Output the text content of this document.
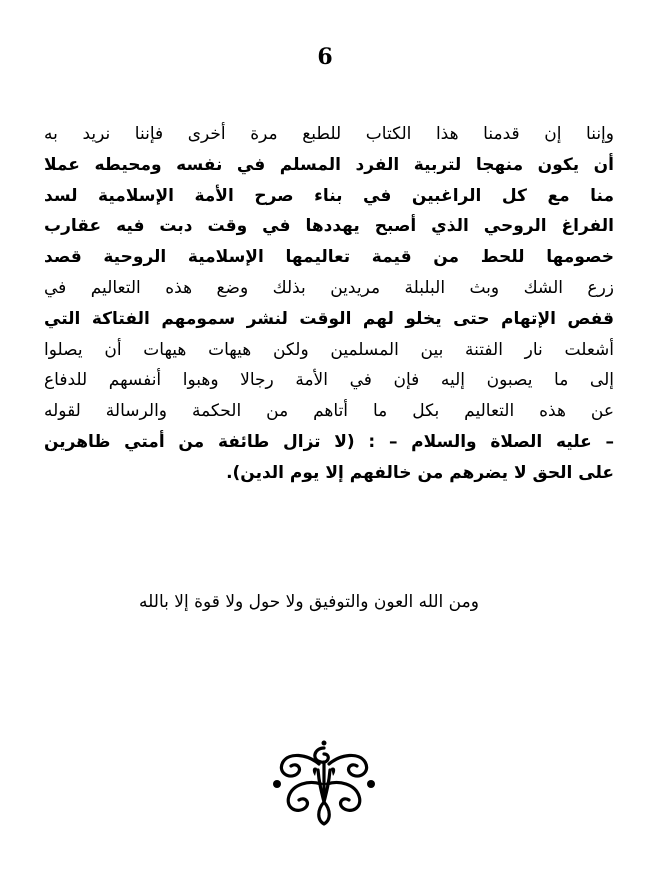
6
وإننا إن قدمنا هذا الكتاب للطبع مرة أخرى فإننا نريد به
أن يكون منهجا لتربية الفرد المسلم في نفسه ومحيطه عملا
منا مع كل الراغبين في بناء صرح الأمة الإسلامية لسد
الفراغ الروحي الذي أصبح يهددها في وقت دبت فيه عقارب
خصومها للحط من قيمة تعاليمها الإسلامية الروحية قصد
زرع الشك وبث البلبلة مريدين بذلك وضع هذه التعاليم في
قفص الإتهام حتى يخلو لهم الوقت لنشر سمومهم الفتاكة التي
أشعلت نار الفتنة بين المسلمين ولكن هيهات هيهات أن يصلوا
إلى ما يصبون إليه فإن في الأمة رجالا وهبوا أنفسهم للدفاع
عن هذه التعاليم بكل ما أتاهم من الحكمة والرسالة لقوله
– عليه الصلاة والسلام – : (لا تزال طائفة من أمتي ظاهرين
على الحق لا يضرهم من خالفهم إلا يوم الدين).
ومن الله العون والتوفيق ولا حول ولا قوة إلا بالله
